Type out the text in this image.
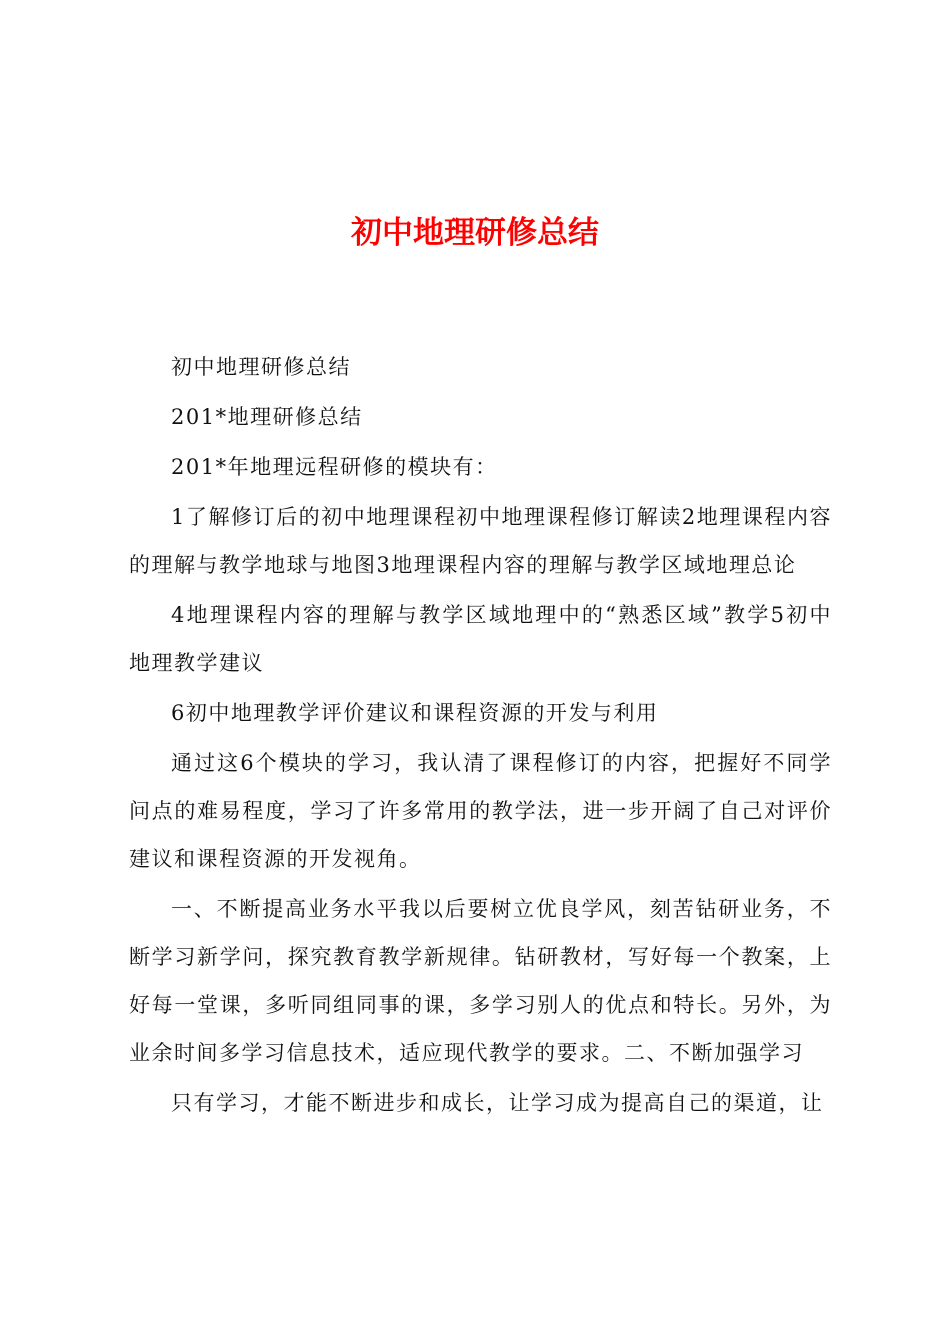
初中地理研修总结

初中地理研修总结

201*地理研修总结

201*年地理远程研修的模块有：

1了解修订后的初中地理课程初中地理课程修订解读2地理课程内容的理解与教学地球与地图3地理课程内容的理解与教学区域地理总论

4地理课程内容的理解与教学区域地理中的“熟悉区域”教学5初中地理教学建议

6初中地理教学评价建议和课程资源的开发与利用

通过这6个模块的学习，我认清了课程修订的内容，把握好不同学问点的难易程度，学习了许多常用的教学法，进一步开阔了自己对评价建议和课程资源的开发视角。

一、不断提高业务水平我以后要树立优良学风，刻苦钻研业务，不断学习新学问，探究教育教学新规律。钻研教材，写好每一个教案，上好每一堂课，多听同组同事的课，多学习别人的优点和特长。另外，为业余时间多学习信息技术，适应现代教学的要求。二、不断加强学习

只有学习，才能不断进步和成长，让学习成为提高自己的渠道，让
